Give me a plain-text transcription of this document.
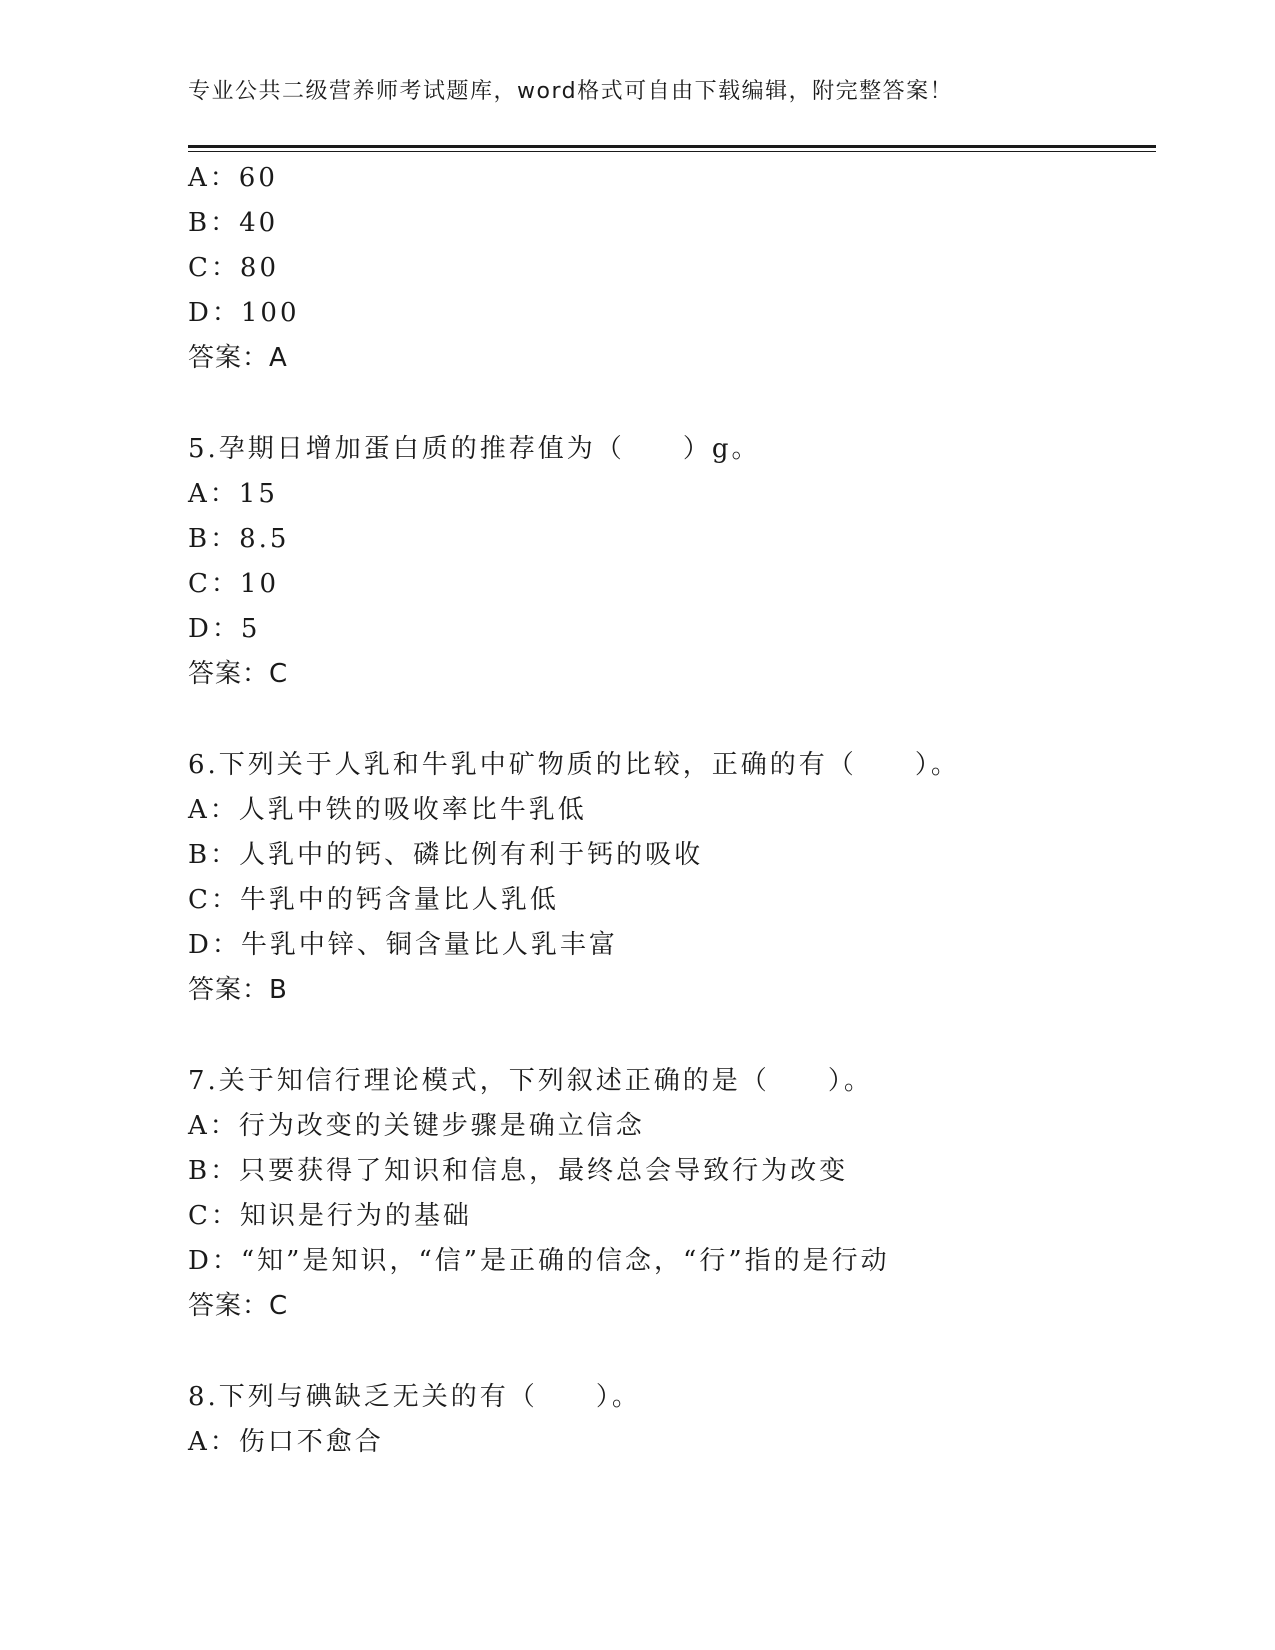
专业公共二级营养师考试题库，word格式可自由下载编辑，附完整答案！
A：60
B：40
C：80
D：100
答案：A
5.孕期日增加蛋白质的推荐值为（ ）g。
A：15
B：8.5
C：10
D：5
答案：C
6.下列关于人乳和牛乳中矿物质的比较，正确的有（ ）。
A：人乳中铁的吸收率比牛乳低
B：人乳中的钙、磷比例有利于钙的吸收
C：牛乳中的钙含量比人乳低
D：牛乳中锌、铜含量比人乳丰富
答案：B
7.关于知信行理论模式，下列叙述正确的是（ ）。
A：行为改变的关键步骤是确立信念
B：只要获得了知识和信息，最终总会导致行为改变
C：知识是行为的基础
D：“知”是知识，“信”是正确的信念，“行”指的是行动
答案：C
8.下列与碘缺乏无关的有（ ）。
A：伤口不愈合
